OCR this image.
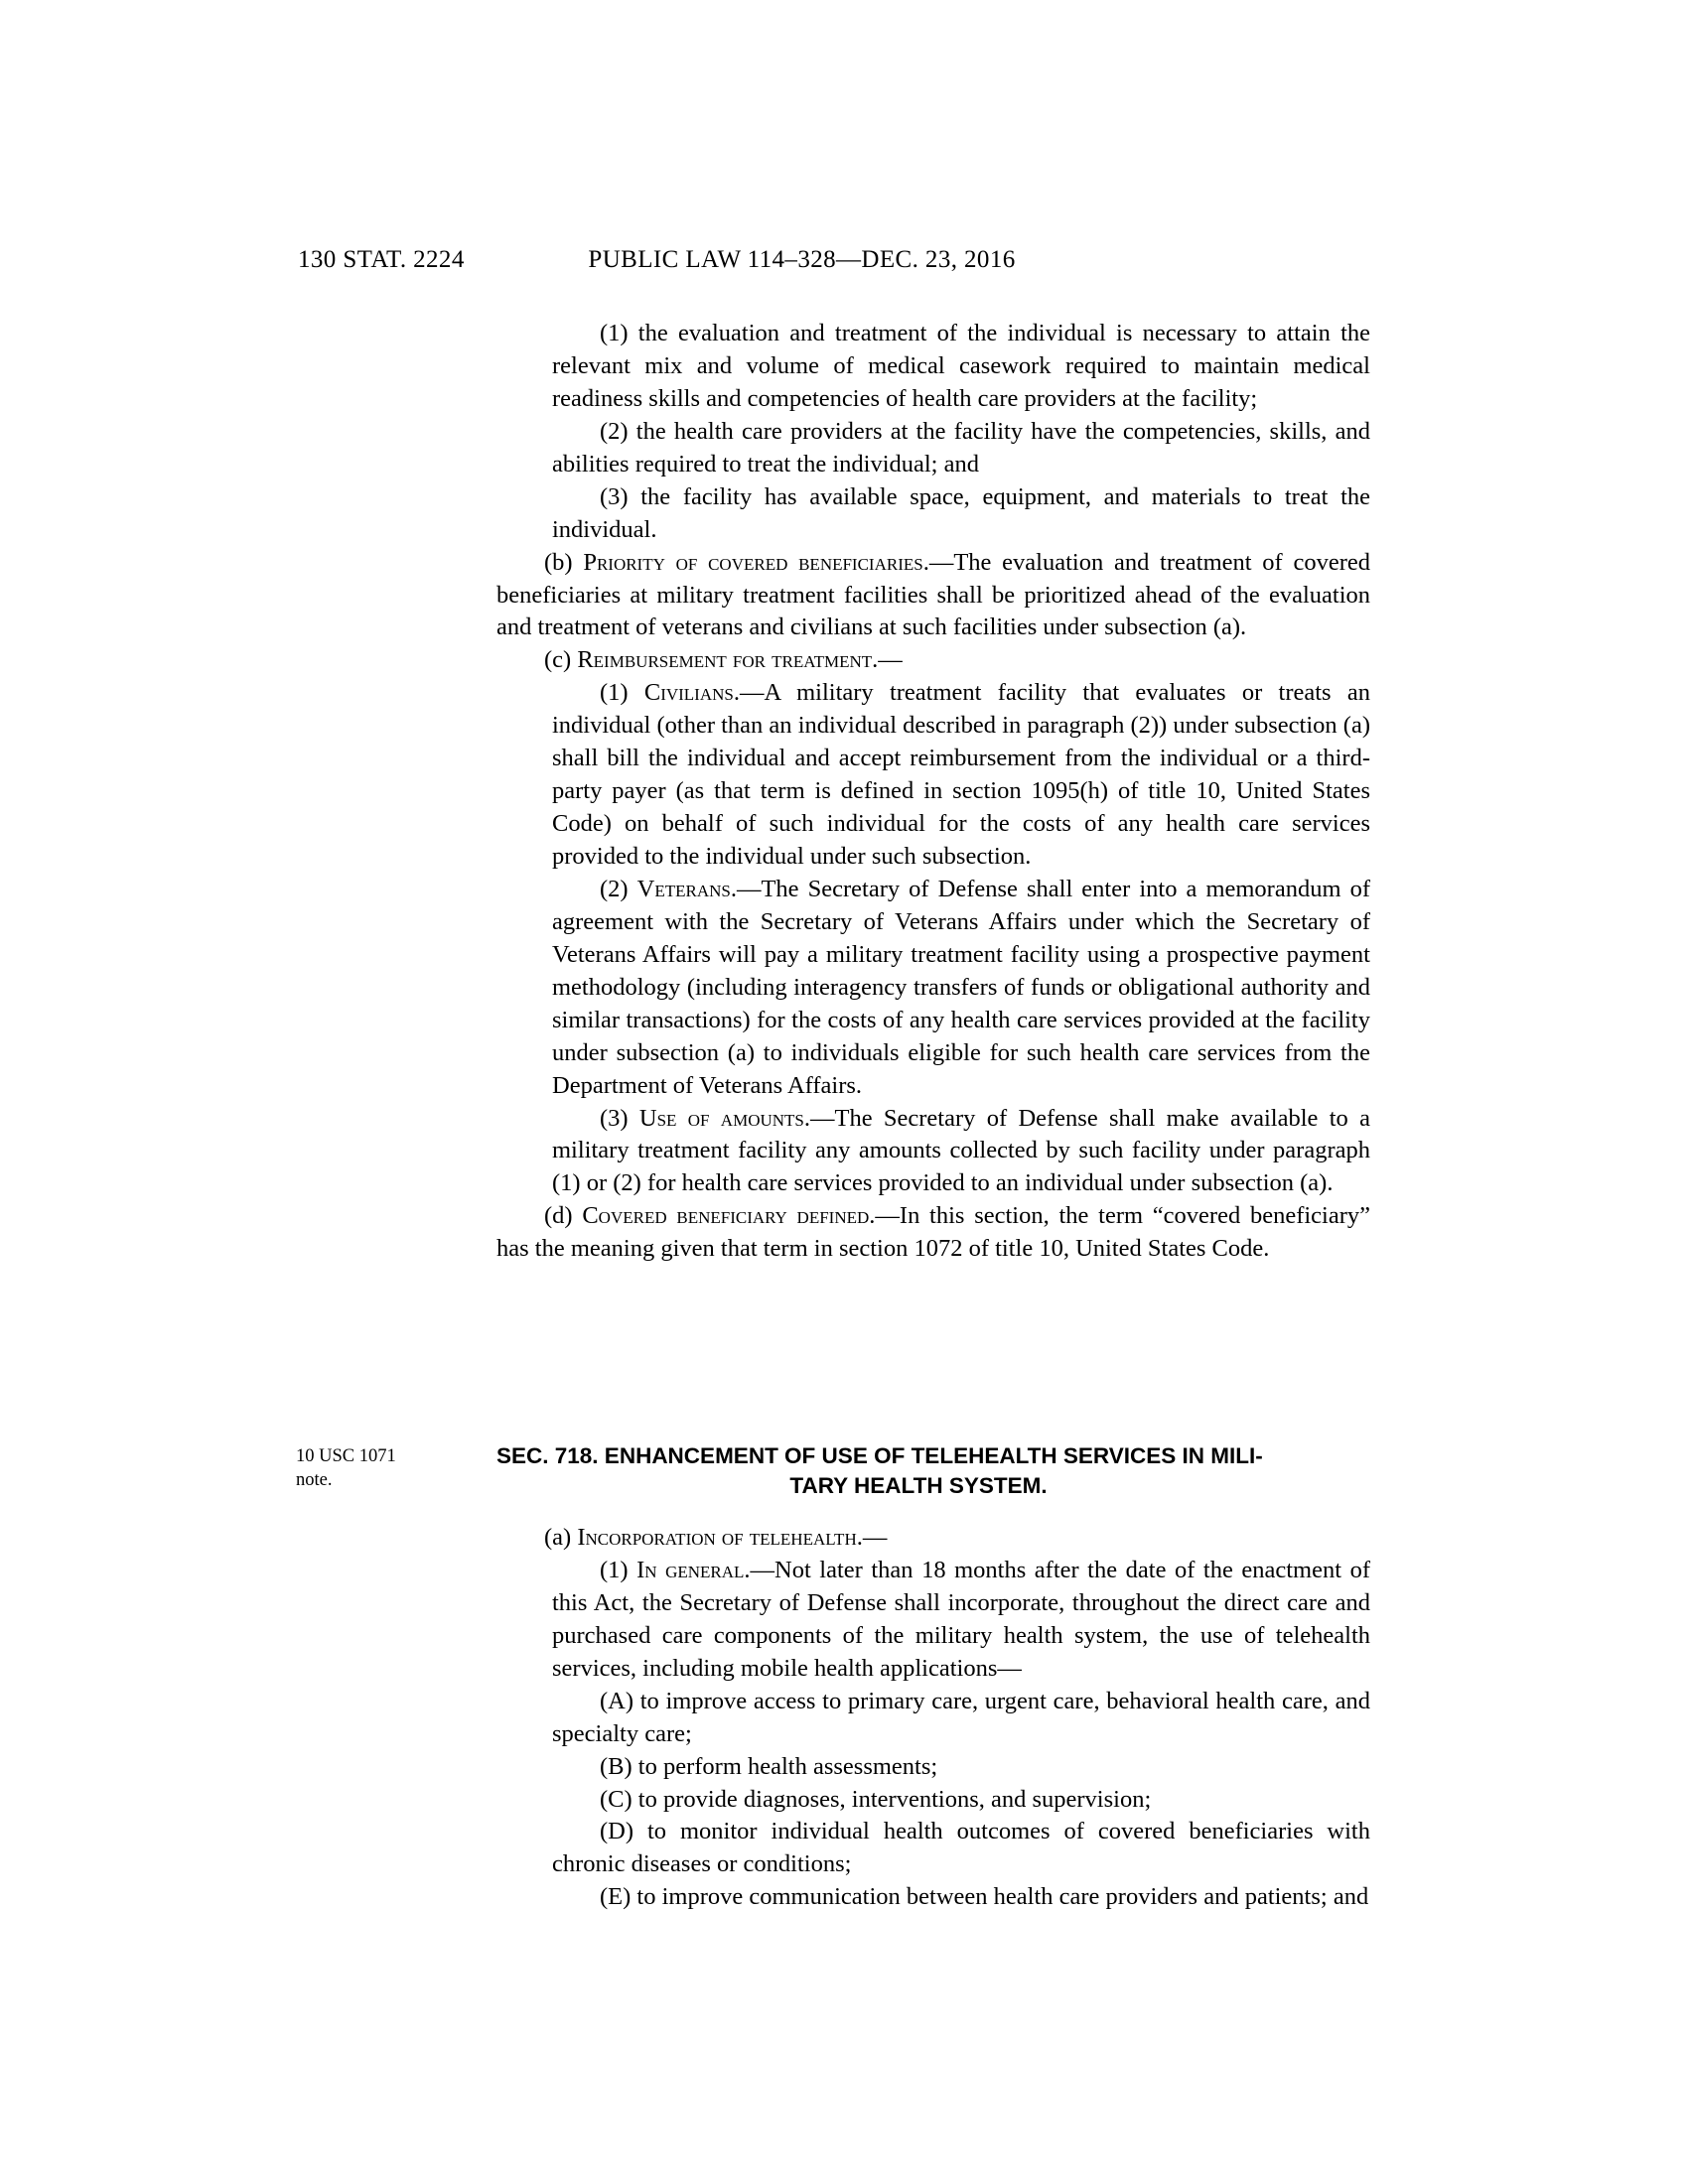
130 STAT. 2224	PUBLIC LAW 114–328—DEC. 23, 2016

(1) the evaluation and treatment of the individual is necessary to attain the relevant mix and volume of medical casework required to maintain medical readiness skills and competencies of health care providers at the facility;

(2) the health care providers at the facility have the competencies, skills, and abilities required to treat the individual; and

(3) the facility has available space, equipment, and materials to treat the individual.

(b) Priority of covered beneficiaries.—The evaluation and treatment of covered beneficiaries at military treatment facilities shall be prioritized ahead of the evaluation and treatment of veterans and civilians at such facilities under subsection (a).

(c) Reimbursement for treatment.—

(1) Civilians.—A military treatment facility that evaluates or treats an individual (other than an individual described in paragraph (2)) under subsection (a) shall bill the individual and accept reimbursement from the individual or a third-party payer (as that term is defined in section 1095(h) of title 10, United States Code) on behalf of such individual for the costs of any health care services provided to the individual under such subsection.

(2) Veterans.—The Secretary of Defense shall enter into a memorandum of agreement with the Secretary of Veterans Affairs under which the Secretary of Veterans Affairs will pay a military treatment facility using a prospective payment methodology (including interagency transfers of funds or obligational authority and similar transactions) for the costs of any health care services provided at the facility under subsection (a) to individuals eligible for such health care services from the Department of Veterans Affairs.

(3) Use of amounts.—The Secretary of Defense shall make available to a military treatment facility any amounts collected by such facility under paragraph (1) or (2) for health care services provided to an individual under subsection (a).

(d) Covered beneficiary defined.—In this section, the term “covered beneficiary” has the meaning given that term in section 1072 of title 10, United States Code.

10 USC 1071
note.
SEC. 718. ENHANCEMENT OF USE OF TELEHEALTH SERVICES IN MILI-
TARY HEALTH SYSTEM.

(a) Incorporation of telehealth.—

(1) In general.—Not later than 18 months after the date of the enactment of this Act, the Secretary of Defense shall incorporate, throughout the direct care and purchased care components of the military health system, the use of telehealth services, including mobile health applications—

(A) to improve access to primary care, urgent care, behavioral health care, and specialty care;

(B) to perform health assessments;

(C) to provide diagnoses, interventions, and supervision;

(D) to monitor individual health outcomes of covered beneficiaries with chronic diseases or conditions;

(E) to improve communication between health care providers and patients; and
